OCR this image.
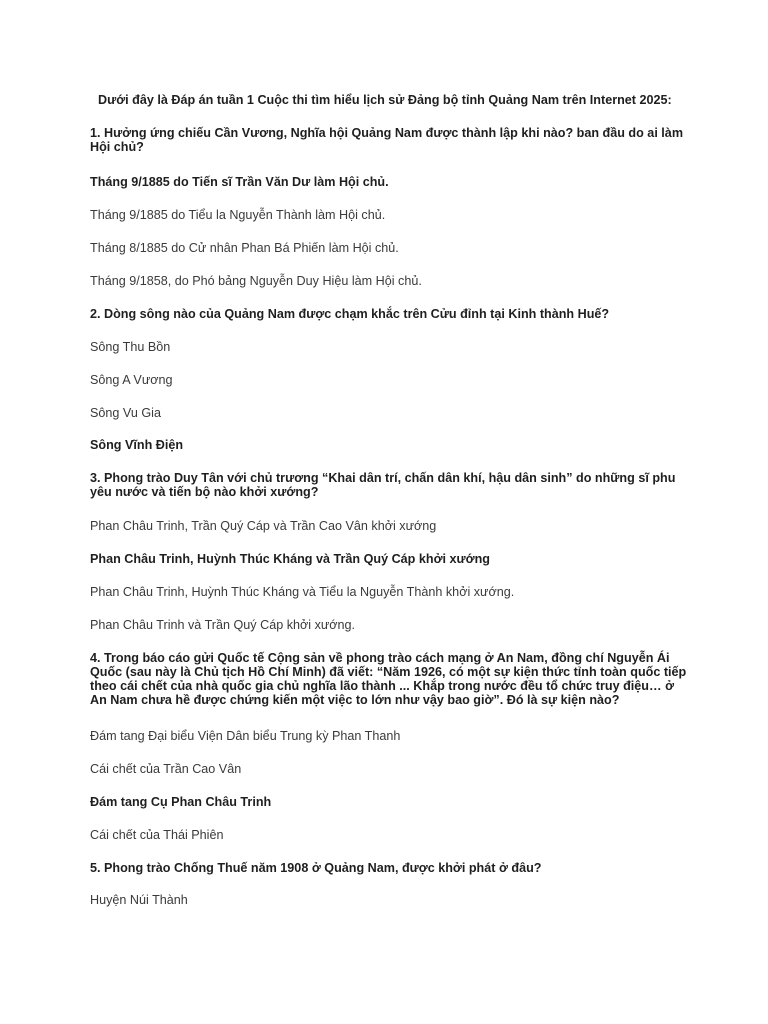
Dưới đây là Đáp án tuần 1 Cuộc thi tìm hiểu lịch sử Đảng bộ tỉnh Quảng Nam trên Internet 2025:
1. Hưởng ứng chiếu Cần Vương, Nghĩa hội Quảng Nam được thành lập khi nào? ban đầu do ai làm Hội chủ?
Tháng 9/1885 do Tiến sĩ Trần Văn Dư làm Hội chủ.
Tháng 9/1885 do Tiểu la Nguyễn Thành làm Hội chủ.
Tháng 8/1885 do Cử nhân Phan Bá Phiến làm Hội chủ.
Tháng 9/1858, do Phó bảng Nguyễn Duy Hiệu làm Hội chủ.
2. Dòng sông nào của Quảng Nam được chạm khắc trên Cửu đỉnh tại Kinh thành Huế?
Sông Thu Bồn
Sông A Vương
Sông Vu Gia
Sông Vĩnh Điện
3. Phong trào Duy Tân với chủ trương “Khai dân trí, chấn dân khí, hậu dân sinh” do những sĩ phu yêu nước và tiến bộ nào khởi xướng?
Phan Châu Trinh, Trần Quý Cáp và Trần Cao Vân khởi xướng
Phan Châu Trinh, Huỳnh Thúc Kháng và Trần Quý Cáp khởi xướng
Phan Châu Trinh, Huỳnh Thúc Kháng và Tiểu la Nguyễn Thành khởi xướng.
Phan Châu Trinh và Trần Quý Cáp khởi xướng.
4. Trong báo cáo gửi Quốc tế Cộng sản về phong trào cách mạng ở An Nam, đồng chí Nguyễn Ái Quốc (sau này là Chủ tịch Hồ Chí Minh) đã viết: “Năm 1926, có một sự kiện thức tỉnh toàn quốc tiếp theo cái chết của nhà quốc gia chủ nghĩa lão thành ... Khắp trong nước đều tổ chức truy điệu… ở An Nam chưa hề được chứng kiến một việc to lớn như vậy bao giờ”. Đó là sự kiện nào?
Đám tang Đại biểu Viện Dân biểu Trung kỳ Phan Thanh
Cái chết của Trần Cao Vân
Đám tang Cụ Phan Châu Trinh
Cái chết của Thái Phiên
5. Phong trào Chống Thuế năm 1908 ở Quảng Nam, được khởi phát ở đâu?
Huyện Núi Thành
